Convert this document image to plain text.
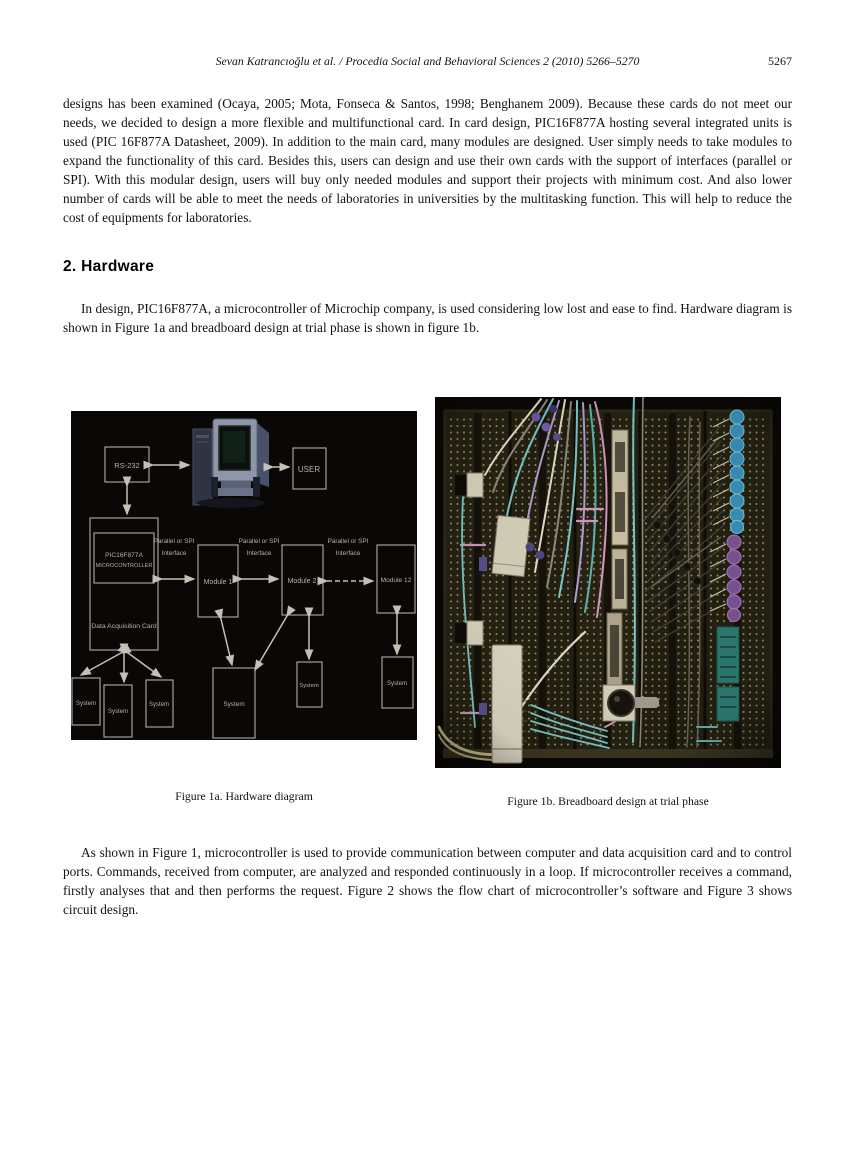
Sevan Katrancıoğlu et al. / Procedia Social and Behavioral Sciences 2 (2010) 5266–5270	5267

designs has been examined (Ocaya, 2005; Mota, Fonseca & Santos, 1998; Benghanem 2009). Because these cards do not meet our needs, we decided to design a more flexible and multifunctional card. In card design, PIC16F877A hosting several integrated units is used (PIC 16F877A Datasheet, 2009). In addition to the main card, many modules are designed. User simply needs to take modules to expand the functionality of this card. Besides this, users can design and use their own cards with the support of interfaces (parallel or SPI). With this modular design, users will buy only needed modules and support their projects with minimum cost. And also lower number of cards will be able to meet the needs of laboratories in universities by the multitasking function. This will help to reduce the cost of equipments for laboratories.

2. Hardware

In design, PIC16F877A, a microcontroller of Microchip company, is used considering low lost and ease to find. Hardware diagram is shown in Figure 1a and breadboard design at trial phase is shown in figure 1b.

RS-232	USER
PIC16F877A
MICROCONTROLLER
Data Acquisition Card
Parallel or SPI
Interface
Parallel or SPI
Interface
Parallel or SPI
Interface
Module 1	Module 2	Module 12
System
System
System	System
System	System
Figure 1a. Hardware diagram	Figure 1b. Breadboard design at trial phase

As shown in Figure 1, microcontroller is used to provide communication between computer and data acquisition card and to control ports. Commands, received from computer, are analyzed and responded continuously in a loop. If microcontroller receives a command, firstly analyses that and then performs the request. Figure 2 shows the flow chart of microcontroller’s software and Figure 3 shows circuit design.
